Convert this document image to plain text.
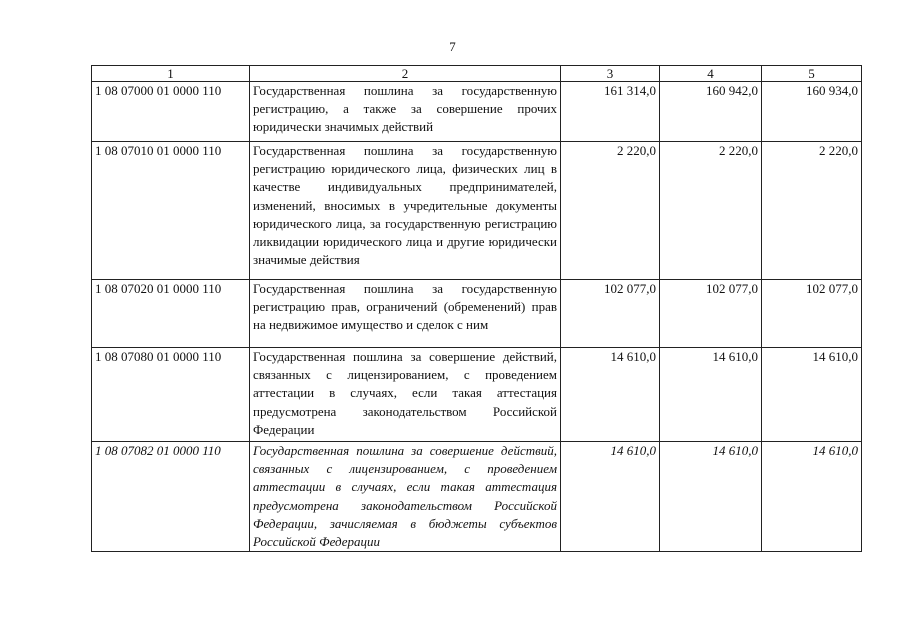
7
1	2	3	4	5
1 08 07000 01 0000 110	Государственная пошлина за государственную регистрацию, а также за совершение прочих юридически значимых действий	161 314,0	160 942,0	160 934,0
1 08 07010 01 0000 110	Государственная пошлина за государственную регистрацию юридического лица, физических лиц в качестве индивидуальных предпринимателей, изменений, вносимых в учредительные документы юридического лица, за государственную регистрацию ликвидации юридического лица и другие юридически значимые действия	2 220,0	2 220,0	2 220,0
1 08 07020 01 0000 110	Государственная пошлина за государственную регистрацию прав, ограничений (обременений) прав на недвижимое имущество и сделок с ним	102 077,0	102 077,0	102 077,0
1 08 07080 01 0000 110	Государственная пошлина за совершение действий, связанных с лицензированием, с проведением аттестации в случаях, если такая аттестация предусмотрена законодательством Российской Федерации	14 610,0	14 610,0	14 610,0
1 08 07082 01 0000 110	Государственная пошлина за совершение действий, связанных с лицензированием, с проведением аттестации в случаях, если такая аттестация предусмотрена законодательством Российской Федерации, зачисляемая в бюджеты субъектов Российской Федерации	14 610,0	14 610,0	14 610,0
